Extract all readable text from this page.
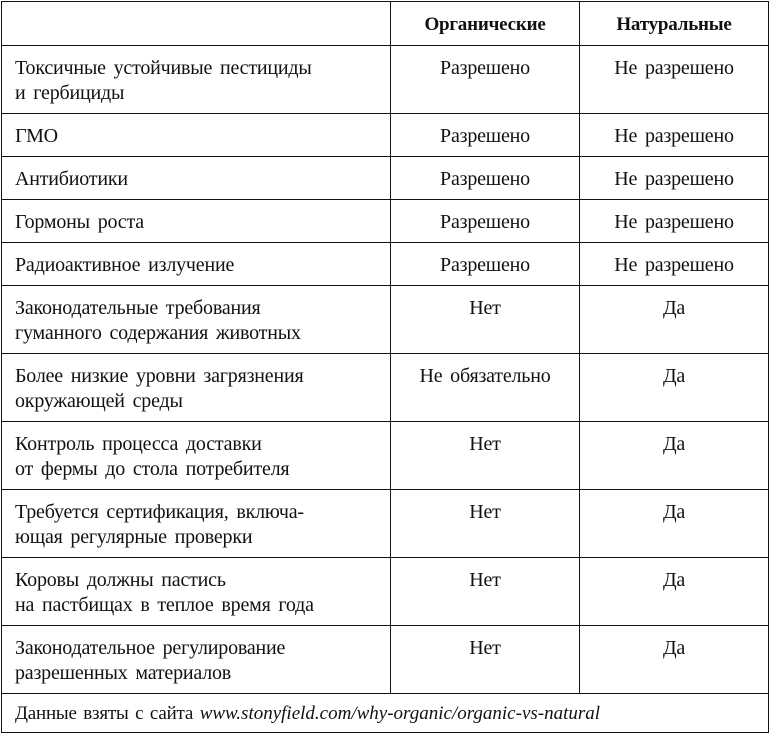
	Органические	Натуральные

Токсичные устойчивые пестициды
и гербициды	Разрешено	Не разрешено

ГМО	Разрешено	Не разрешено

Антибиотики	Разрешено	Не разрешено

Гормоны роста	Разрешено	Не разрешено

Радиоактивное излучение	Разрешено	Не разрешено

Законодательные требования
гуманного содержания животных	Нет	Да

Более низкие уровни загрязнения
окружающей среды	Не обязательно	Да

Контроль процесса доставки
от фермы до стола потребителя	Нет	Да

Требуется сертификация, включа-
ющая регулярные проверки	Нет	Да

Коровы должны пастись
на пастбищах в теплое время года	Нет	Да

Законодательное регулирование
разрешенных материалов	Нет	Да

Данные взяты с сайта www.stonyfield.com/why-organic/organic-vs-natural		
